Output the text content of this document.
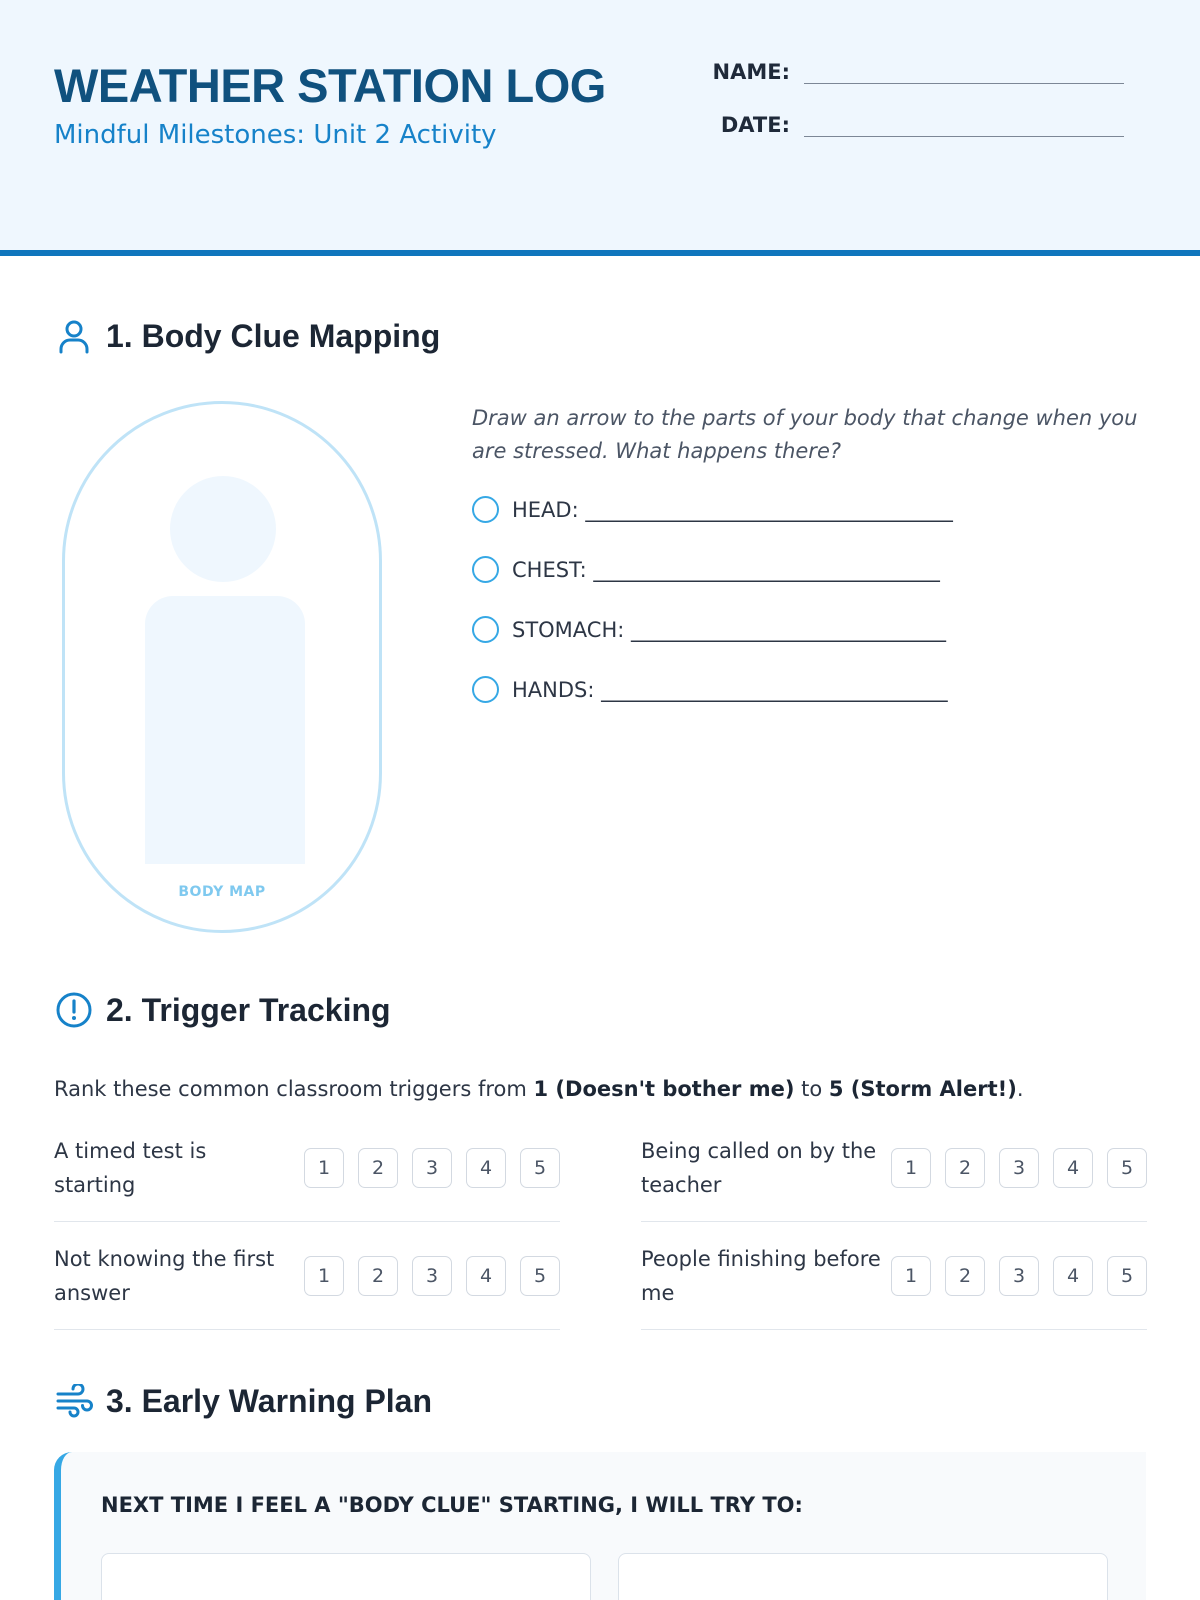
WEATHER STATION LOG
Mindful Milestones: Unit 2 Activity
NAME:
DATE:
1. Body Clue Mapping
BODY MAP
Draw an arrow to the parts of your body that change when you are stressed. What happens there?
HEAD: ___________________________________
CHEST: _________________________________
STOMACH: ______________________________
HANDS: _________________________________
2. Trigger Tracking
Rank these common classroom triggers from 1 (Doesn't bother me) to 5 (Storm Alert!).
A timed test is starting
1	2	3	4	5
Being called on by the teacher
1	2	3	4	5
Not knowing the first answer
1	2	3	4	5
People finishing before me
1	2	3	4	5
3. Early Warning Plan
NEXT TIME I FEEL A "BODY CLUE" STARTING, I WILL TRY TO:
